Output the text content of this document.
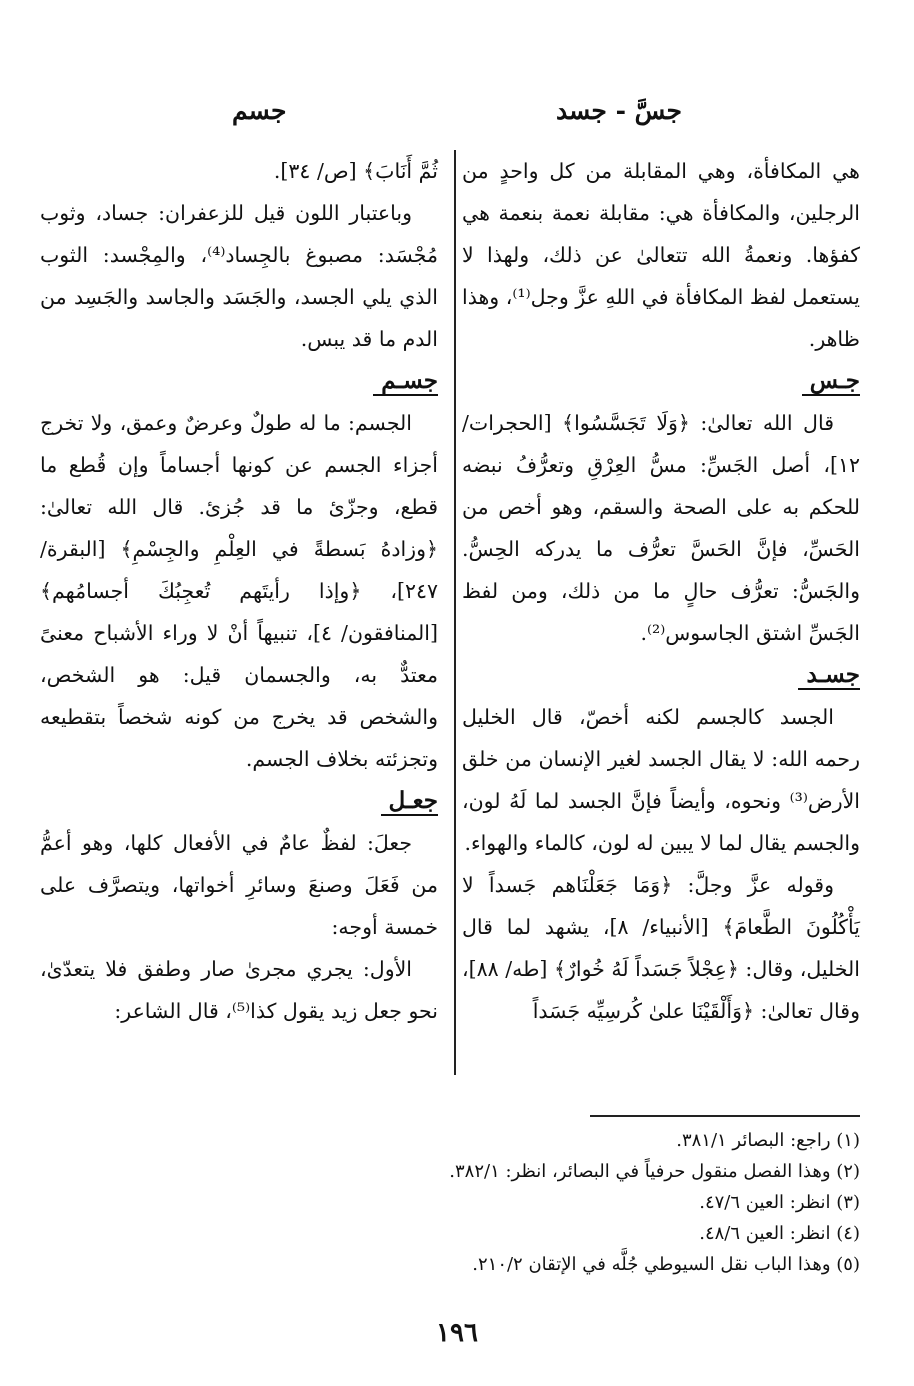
جسَّ - جسد
جسم

هي المكافأة، وهي المقابلة من كل واحدٍ من الرجلين، والمكافأة هي: مقابلة نعمة بنعمة هي كفؤها. ونعمةُ الله تتعالىٰ عن ذلك، ولهذا لا يستعمل لفظ المكافأة في اللهِ عزَّ وجل⁽¹⁾، وهذا ظاهر.

جـس

قال الله تعالىٰ: ﴿وَلَا تَجَسَّسُوا﴾ [الحجرات/ ١٢]، أصل الجَسِّ: مسُّ العِرْقِ وتعرُّفُ نبضه للحكم به على الصحة والسقم، وهو أخص من الحَسِّ، فإنَّ الحَسَّ تعرُّف ما يدركه الحِسُّ. والجَسُّ: تعرُّف حالٍ ما من ذلك، ومن لفظ الجَسِّ اشتق الجاسوس⁽²⁾.

جسـد

الجسد كالجسم لكنه أخصّ، قال الخليل رحمه الله: لا يقال الجسد لغير الإنسان من خلق الأرض⁽³⁾ ونحوه، وأيضاً فإنَّ الجسد لما لَهُ لون، والجسم يقال لما لا يبين له لون، كالماء والهواء.

وقوله عزَّ وجلَّ: ﴿وَمَا جَعَلْنَاهم جَسداً لا يَأْكُلُونَ الطَّعامَ﴾ [الأنبياء/ ٨]، يشهد لما قال الخليل، وقال: ﴿عِجْلاً جَسَداً لَهُ خُوارٌ﴾ [طه/ ٨٨]، وقال تعالىٰ: ﴿وَأَلْقَيْنَا علىٰ كُرسِيِّه جَسَداً

ثُمَّ أَنَابَ﴾ [ص/ ٣٤].

وباعتبار اللون قيل للزعفران: جساد، وثوب مُجْسَد: مصبوغ بالجِساد⁽⁴⁾، والمِجْسد: الثوب الذي يلي الجسد، والجَسَد والجاسد والجَسِد من الدم ما قد يبس.

جسـم

الجسم: ما له طولٌ وعرضٌ وعمق، ولا تخرج أجزاء الجسم عن كونها أجساماً وإن قُطع ما قطع، وجزّئ ما قد جُزئ. قال الله تعالىٰ: ﴿وزادهُ بَسطةً في العِلْمِ والجِسْمِ﴾ [البقرة/ ٢٤٧]، ﴿وإذا رأيتَهم تُعجِبُكَ أجسامُهم﴾ [المنافقون/ ٤]، تنبيهاً أنْ لا وراء الأشباح معنىً معتدٌّ به، والجسمان قيل: هو الشخص، والشخص قد يخرج من كونه شخصاً بتقطيعه وتجزئته بخلاف الجسم.

جعـل

جعلَ: لفظٌ عامٌ في الأفعال كلها، وهو أعمُّ من فَعَلَ وصنعَ وسائرِ أخواتها، ويتصرَّف على خمسة أوجه:

الأول: يجري مجرىٰ صار وطفق فلا يتعدّىٰ، نحو جعل زيد يقول كذا⁽⁵⁾، قال الشاعر:

(١) راجع: البصائر ٣٨١/١.

(٢) وهذا الفصل منقول حرفياً في البصائر، انظر: ٣٨٢/١.

(٣) انظر: العين ٤٧/٦.

(٤) انظر: العين ٤٨/٦.

(٥) وهذا الباب نقل السيوطي جُلَّه في الإتقان ٢١٠/٢.

١٩٦
